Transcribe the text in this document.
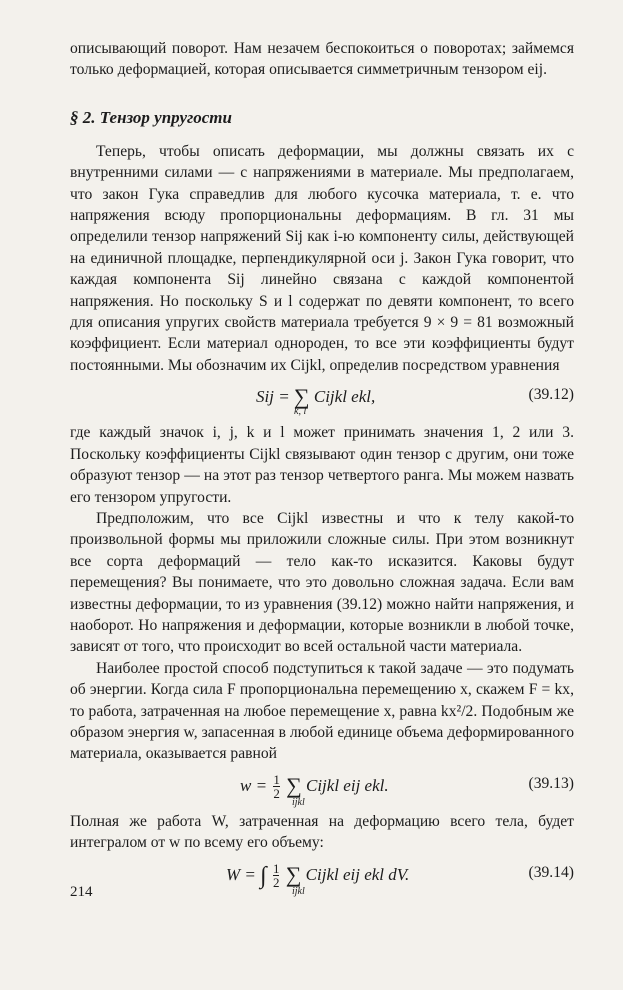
описывающий поворот. Нам незачем беспокоиться о поворотах; займемся только деформацией, которая описывается симметричным тензором eij.

§ 2. Тензор упругости

Теперь, чтобы описать деформации, мы должны связать их с внутренними силами — с напряжениями в материале. Мы предполагаем, что закон Гука справедлив для любого кусочка материала, т. е. что напряжения всюду пропорциональны деформациям. В гл. 31 мы определили тензор напряжений Sij как i-ю компоненту силы, действующей на единичной площадке, перпендикулярной оси j. Закон Гука говорит, что каждая компонента Sij линейно связана с каждой компонентой напряжения. Но поскольку S и l содержат по девяти компонент, то всего для описания упругих свойств материала требуется 9 × 9 = 81 возможный коэффициент. Если материал однороден, то все эти коэффициенты будут постоянными. Мы обозначим их Cijkl, определив посредством уравнения

Sij = ∑
k, l
Cijkl ekl,	(39.12)

где каждый значок i, j, k и l может принимать значения 1, 2 или 3. Поскольку коэффициенты Cijkl связывают один тензор с другим, они тоже образуют тензор — на этот раз тензор четвертого ранга. Мы можем назвать его тензором упругости.

Предположим, что все Cijkl известны и что к телу какой-то произвольной формы мы приложили сложные силы. При этом возникнут все сорта деформаций — тело как-то исказится. Каковы будут перемещения? Вы понимаете, что это довольно сложная задача. Если вам известны деформации, то из уравнения (39.12) можно найти напряжения, и наоборот. Но напряжения и деформации, которые возникли в любой точке, зависят от того, что происходит во всей остальной части материала.

Наиболее простой способ подступиться к такой задаче — это подумать об энергии. Когда сила F пропорциональна перемещению x, скажем F = kx, то работа, затраченная на любое перемещение x, равна kx²/2. Подобным же образом энергия w, запасенная в любой единице объема деформированного материала, оказывается равной

$w = \frac{1}{2}$ ∑
ijkl
Cijkl eij ekl.	(39.13)

Полная же работа W, затраченная на деформацию всего тела, будет интегралом от w по всему его объему:

W = ∫ $\frac{1}{2}$ ∑
ijkl
Cijkl eij ekl dV.	(39.14)
214
